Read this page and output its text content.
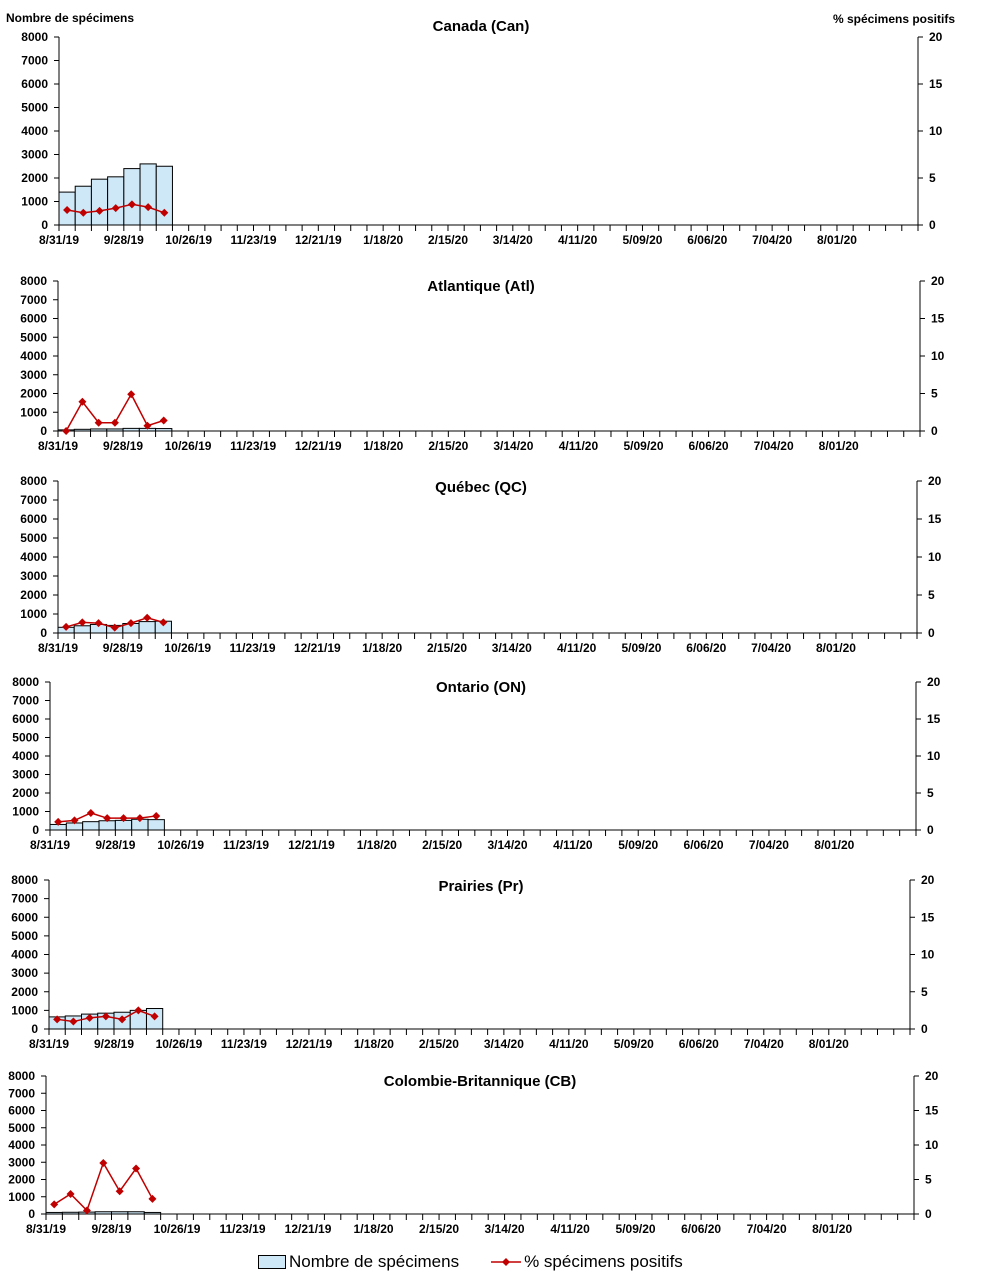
Nombre de spécimens	% spécimens positifs
Canada (Can)
0
1000
2000
3000
4000
5000
6000
7000
8000
0
5
10
15
20
8/31/19 9/28/19 10/26/19 11/23/19 12/21/19 1/18/20 2/15/20 3/14/20 4/11/20 5/09/20 6/06/20 7/04/20 8/01/20
Atlantique (Atl)
0
1000
2000
3000
4000
5000
6000
7000
8000
0
5
10
15
20
8/31/19 9/28/19 10/26/19 11/23/19 12/21/19 1/18/20 2/15/20 3/14/20 4/11/20 5/09/20 6/06/20 7/04/20 8/01/20
Québec (QC)
0
1000
2000
3000
4000
5000
6000
7000
8000
0
5
10
15
20
8/31/19 9/28/19 10/26/19 11/23/19 12/21/19 1/18/20 2/15/20 3/14/20 4/11/20 5/09/20 6/06/20 7/04/20 8/01/20
Ontario (ON)
0
1000
2000
3000
4000
5000
6000
7000
8000
0
5
10
15
20
8/31/19 9/28/19 10/26/19 11/23/19 12/21/19 1/18/20 2/15/20 3/14/20 4/11/20 5/09/20 6/06/20 7/04/20 8/01/20
Prairies (Pr)
0
1000
2000
3000
4000
5000
6000
7000
8000
0
5
10
15
20
8/31/19 9/28/19 10/26/19 11/23/19 12/21/19 1/18/20 2/15/20 3/14/20 4/11/20 5/09/20 6/06/20 7/04/20 8/01/20
Colombie-Britannique (CB)
0
1000
2000
3000
4000
5000
6000
7000
8000
0
5
10
15
20
8/31/19 9/28/19 10/26/19 11/23/19 12/21/19 1/18/20 2/15/20 3/14/20 4/11/20 5/09/20 6/06/20 7/04/20 8/01/20
Nombre de spécimens	% spécimens positifs
